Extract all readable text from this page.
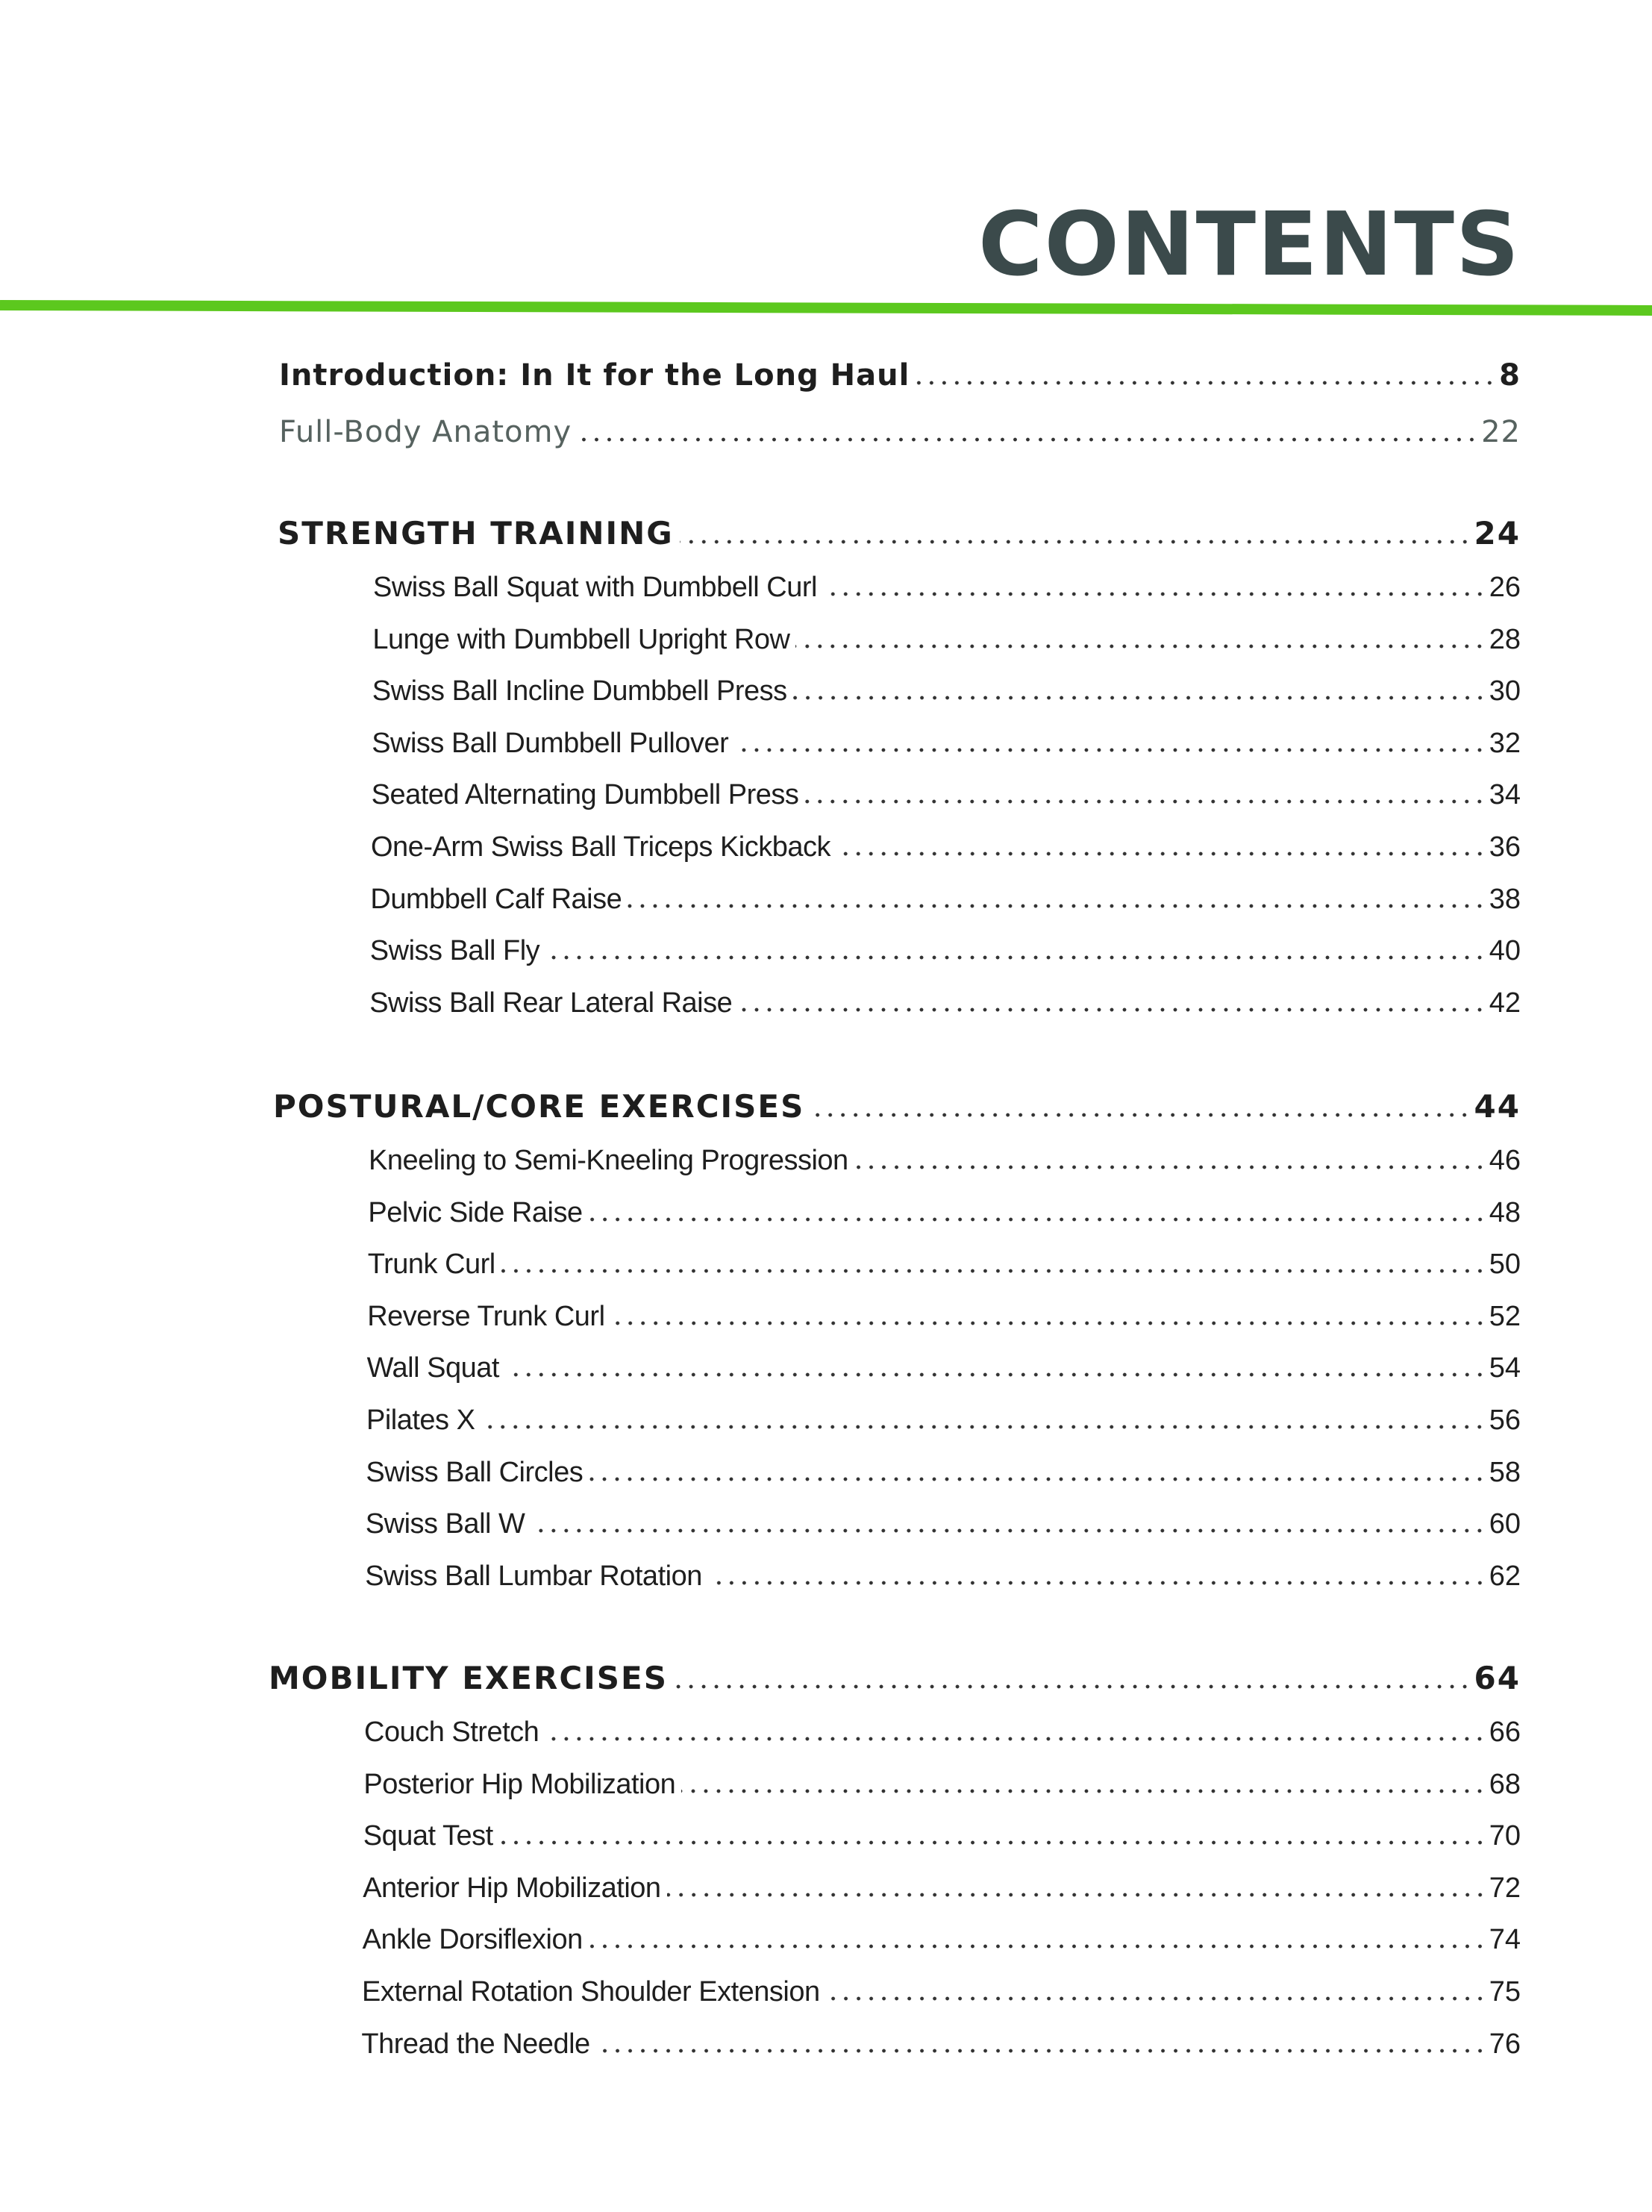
CONTENTS
Introduction: In It for the Long Haul	8
Full-Body Anatomy	22
STRENGTH TRAINING	24
Swiss Ball Squat with Dumbbell Curl	26
Lunge with Dumbbell Upright Row	28
Swiss Ball Incline Dumbbell Press	30
Swiss Ball Dumbbell Pullover	32
Seated Alternating Dumbbell Press	34
One-Arm Swiss Ball Triceps Kickback	36
Dumbbell Calf Raise	38
Swiss Ball Fly	40
Swiss Ball Rear Lateral Raise	42
POSTURAL/CORE EXERCISES	44
Kneeling to Semi-Kneeling Progression	46
Pelvic Side Raise	48
Trunk Curl	50
Reverse Trunk Curl	52
Wall Squat	54
Pilates X	56
Swiss Ball Circles	58
Swiss Ball W	60
Swiss Ball Lumbar Rotation	62
MOBILITY EXERCISES	64
Couch Stretch	66
Posterior Hip Mobilization	68
Squat Test	70
Anterior Hip Mobilization	72
Ankle Dorsiflexion	74
External Rotation Shoulder Extension	75
Thread the Needle	76
